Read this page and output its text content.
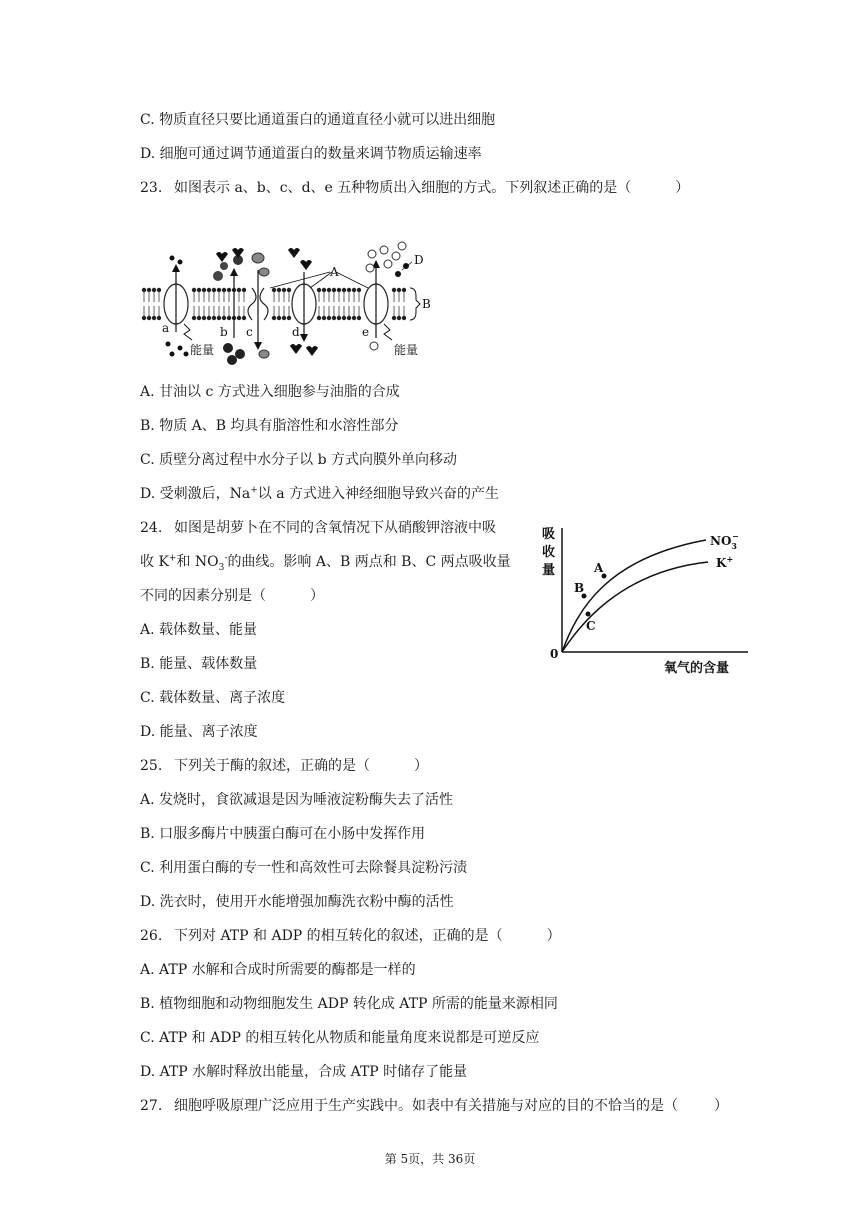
C. 物质直径只要比通道蛋白的通道直径小就可以进出细胞
D. 细胞可通过调节通道蛋白的数量来调节物质运输速率
23. 如图表示 a、b、c、d、e 五种物质出入细胞的方式。下列叙述正确的是（	）
A
D
B
a	b c	d	e
能量	能量
A. 甘油以 c 方式进入细胞参与油脂的合成
B. 物质 A、B 均具有脂溶性和水溶性部分
C. 质壁分离过程中水分子以 b 方式向膜外单向移动
D. 受刺激后，Na+以 a 方式进入神经细胞导致兴奋的产生
24. 如图是胡萝卜在不同的含氧情况下从硝酸钾溶液中吸
收 K+和 $NO_3^-$的曲线。影响 A、B 两点和 B、C 两点吸收量
不同的因素分别是（	）
A. 载体数量、能量
B. 能量、载体数量
C. 载体数量、离子浓度
D. 能量、离子浓度
吸
收
量
0
氧气的含量
$NO_3-$
K+
A
B
C
25. 下列关于酶的叙述，正确的是（	）
A. 发烧时，食欲减退是因为唾液淀粉酶失去了活性
B. 口服多酶片中胰蛋白酶可在小肠中发挥作用
C. 利用蛋白酶的专一性和高效性可去除餐具淀粉污渍
D. 洗衣时，使用开水能增强加酶洗衣粉中酶的活性
26. 下列对 ATP 和 ADP 的相互转化的叙述，正确的是（	）
A. ATP 水解和合成时所需要的酶都是一样的
B. 植物细胞和动物细胞发生 ADP 转化成 ATP 所需的能量来源相同
C. ATP 和 ADP 的相互转化从物质和能量角度来说都是可逆反应
D. ATP 水解时释放出能量，合成 ATP 时储存了能量
27. 细胞呼吸原理广泛应用于生产实践中。如表中有关措施与对应的目的不恰当的是（	）
第 5页，共 36页
